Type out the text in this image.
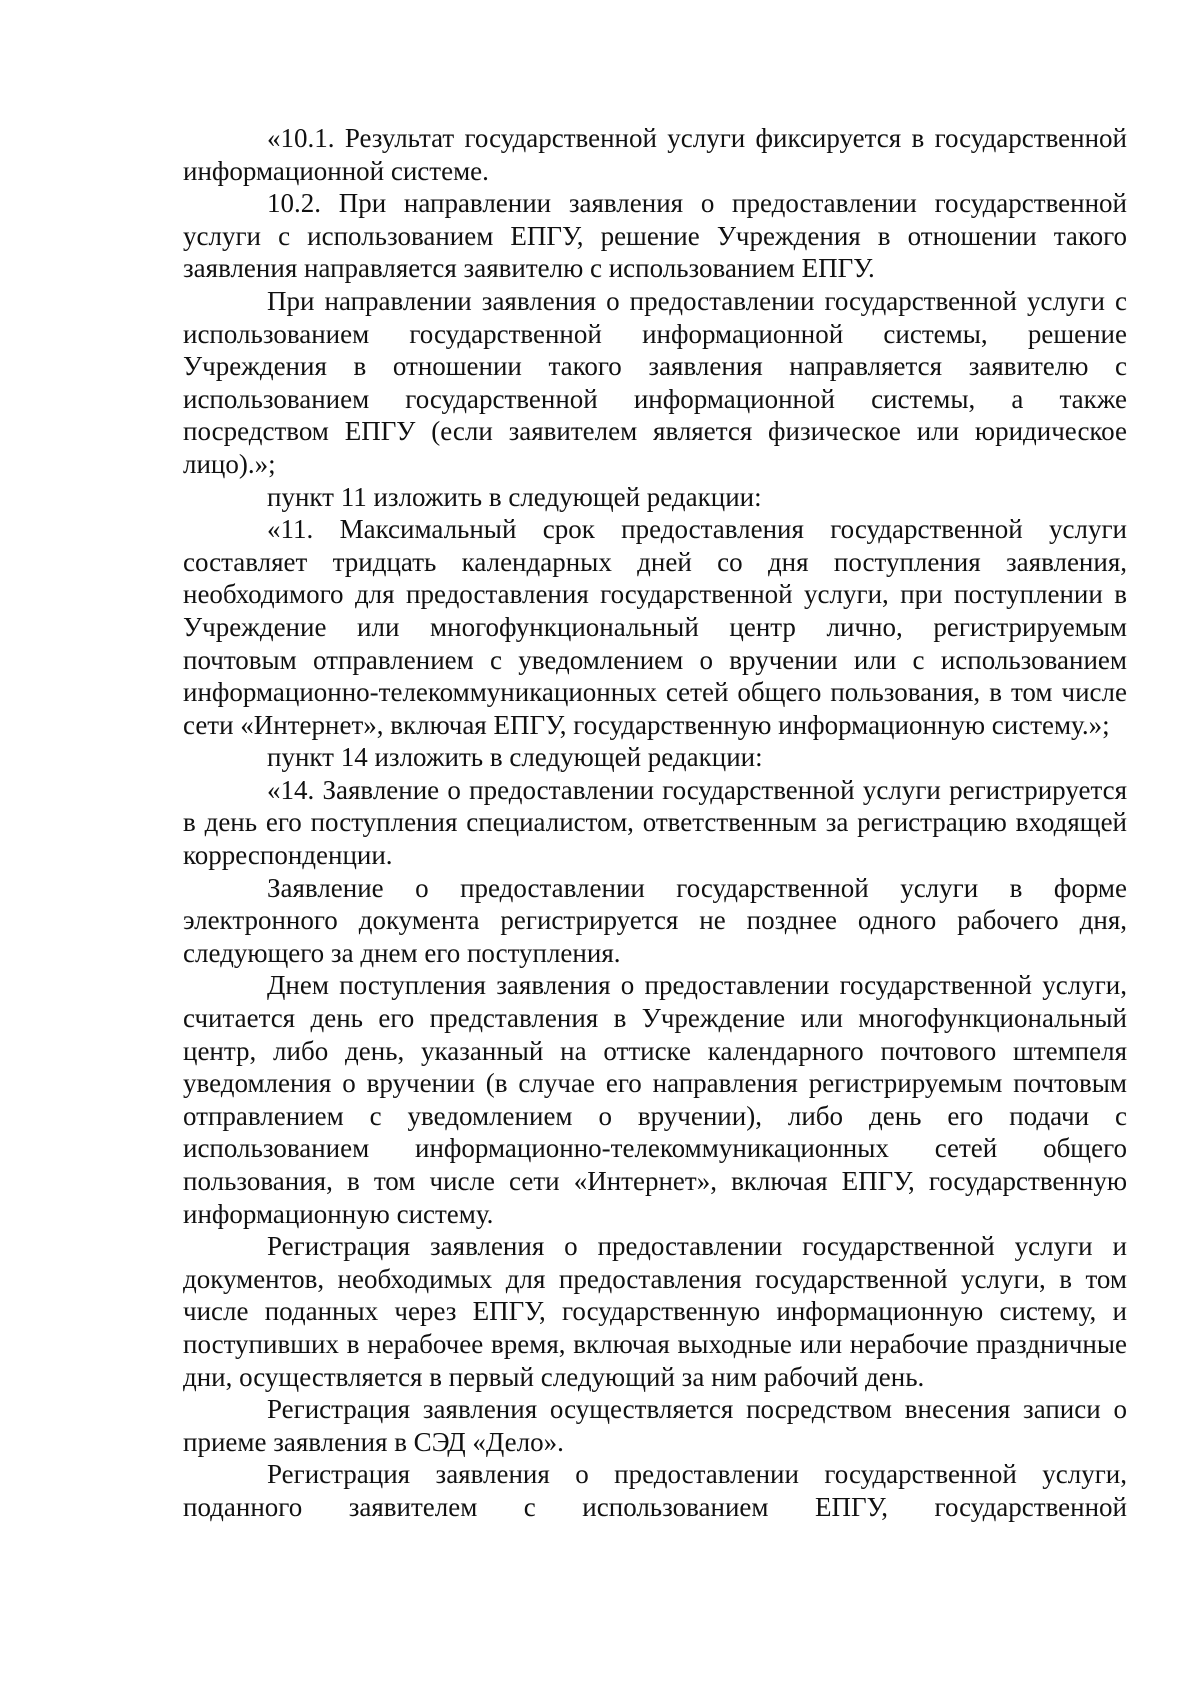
«10.1. Результат государственной услуги фиксируется в государственной информационной системе.

10.2. При направлении заявления о предоставлении государственной услуги с использованием ЕПГУ, решение Учреждения в отношении такого заявления направляется заявителю с использованием ЕПГУ.

При направлении заявления о предоставлении государственной услуги с использованием государственной информационной системы, решение Учреждения в отношении такого заявления направляется заявителю с использованием государственной информационной системы, а также посредством ЕПГУ (если заявителем является физическое или юридическое лицо).»;

пункт 11 изложить в следующей редакции:

«11. Максимальный срок предоставления государственной услуги составляет тридцать календарных дней со дня поступления заявления, необходимого для предоставления государственной услуги, при поступлении в Учреждение или многофункциональный центр лично, регистрируемым почтовым отправлением с уведомлением о вручении или с использованием информационно-телекоммуникационных сетей общего пользования, в том числе сети «Интернет», включая ЕПГУ, государственную информационную систему.»;

пункт 14 изложить в следующей редакции:

«14. Заявление о предоставлении государственной услуги регистрируется в день его поступления специалистом, ответственным за регистрацию входящей корреспонденции.

Заявление о предоставлении государственной услуги в форме электронного документа регистрируется не позднее одного рабочего дня, следующего за днем его поступления.

Днем поступления заявления о предоставлении государственной услуги, считается день его представления в Учреждение или многофункциональный центр, либо день, указанный на оттиске календарного почтового штемпеля уведомления о вручении (в случае его направления регистрируемым почтовым отправлением с уведомлением о вручении), либо день его подачи с использованием информационно-телекоммуникационных сетей общего пользования, в том числе сети «Интернет», включая ЕПГУ, государственную информационную систему.

Регистрация заявления о предоставлении государственной услуги и документов, необходимых для предоставления государственной услуги, в том числе поданных через ЕПГУ, государственную информационную систему, и поступивших в нерабочее время, включая выходные или нерабочие праздничные дни, осуществляется в первый следующий за ним рабочий день.

Регистрация заявления осуществляется посредством внесения записи о приеме заявления в СЭД «Дело».

Регистрация заявления о предоставлении государственной услуги, поданного заявителем с использованием ЕПГУ, государственной
